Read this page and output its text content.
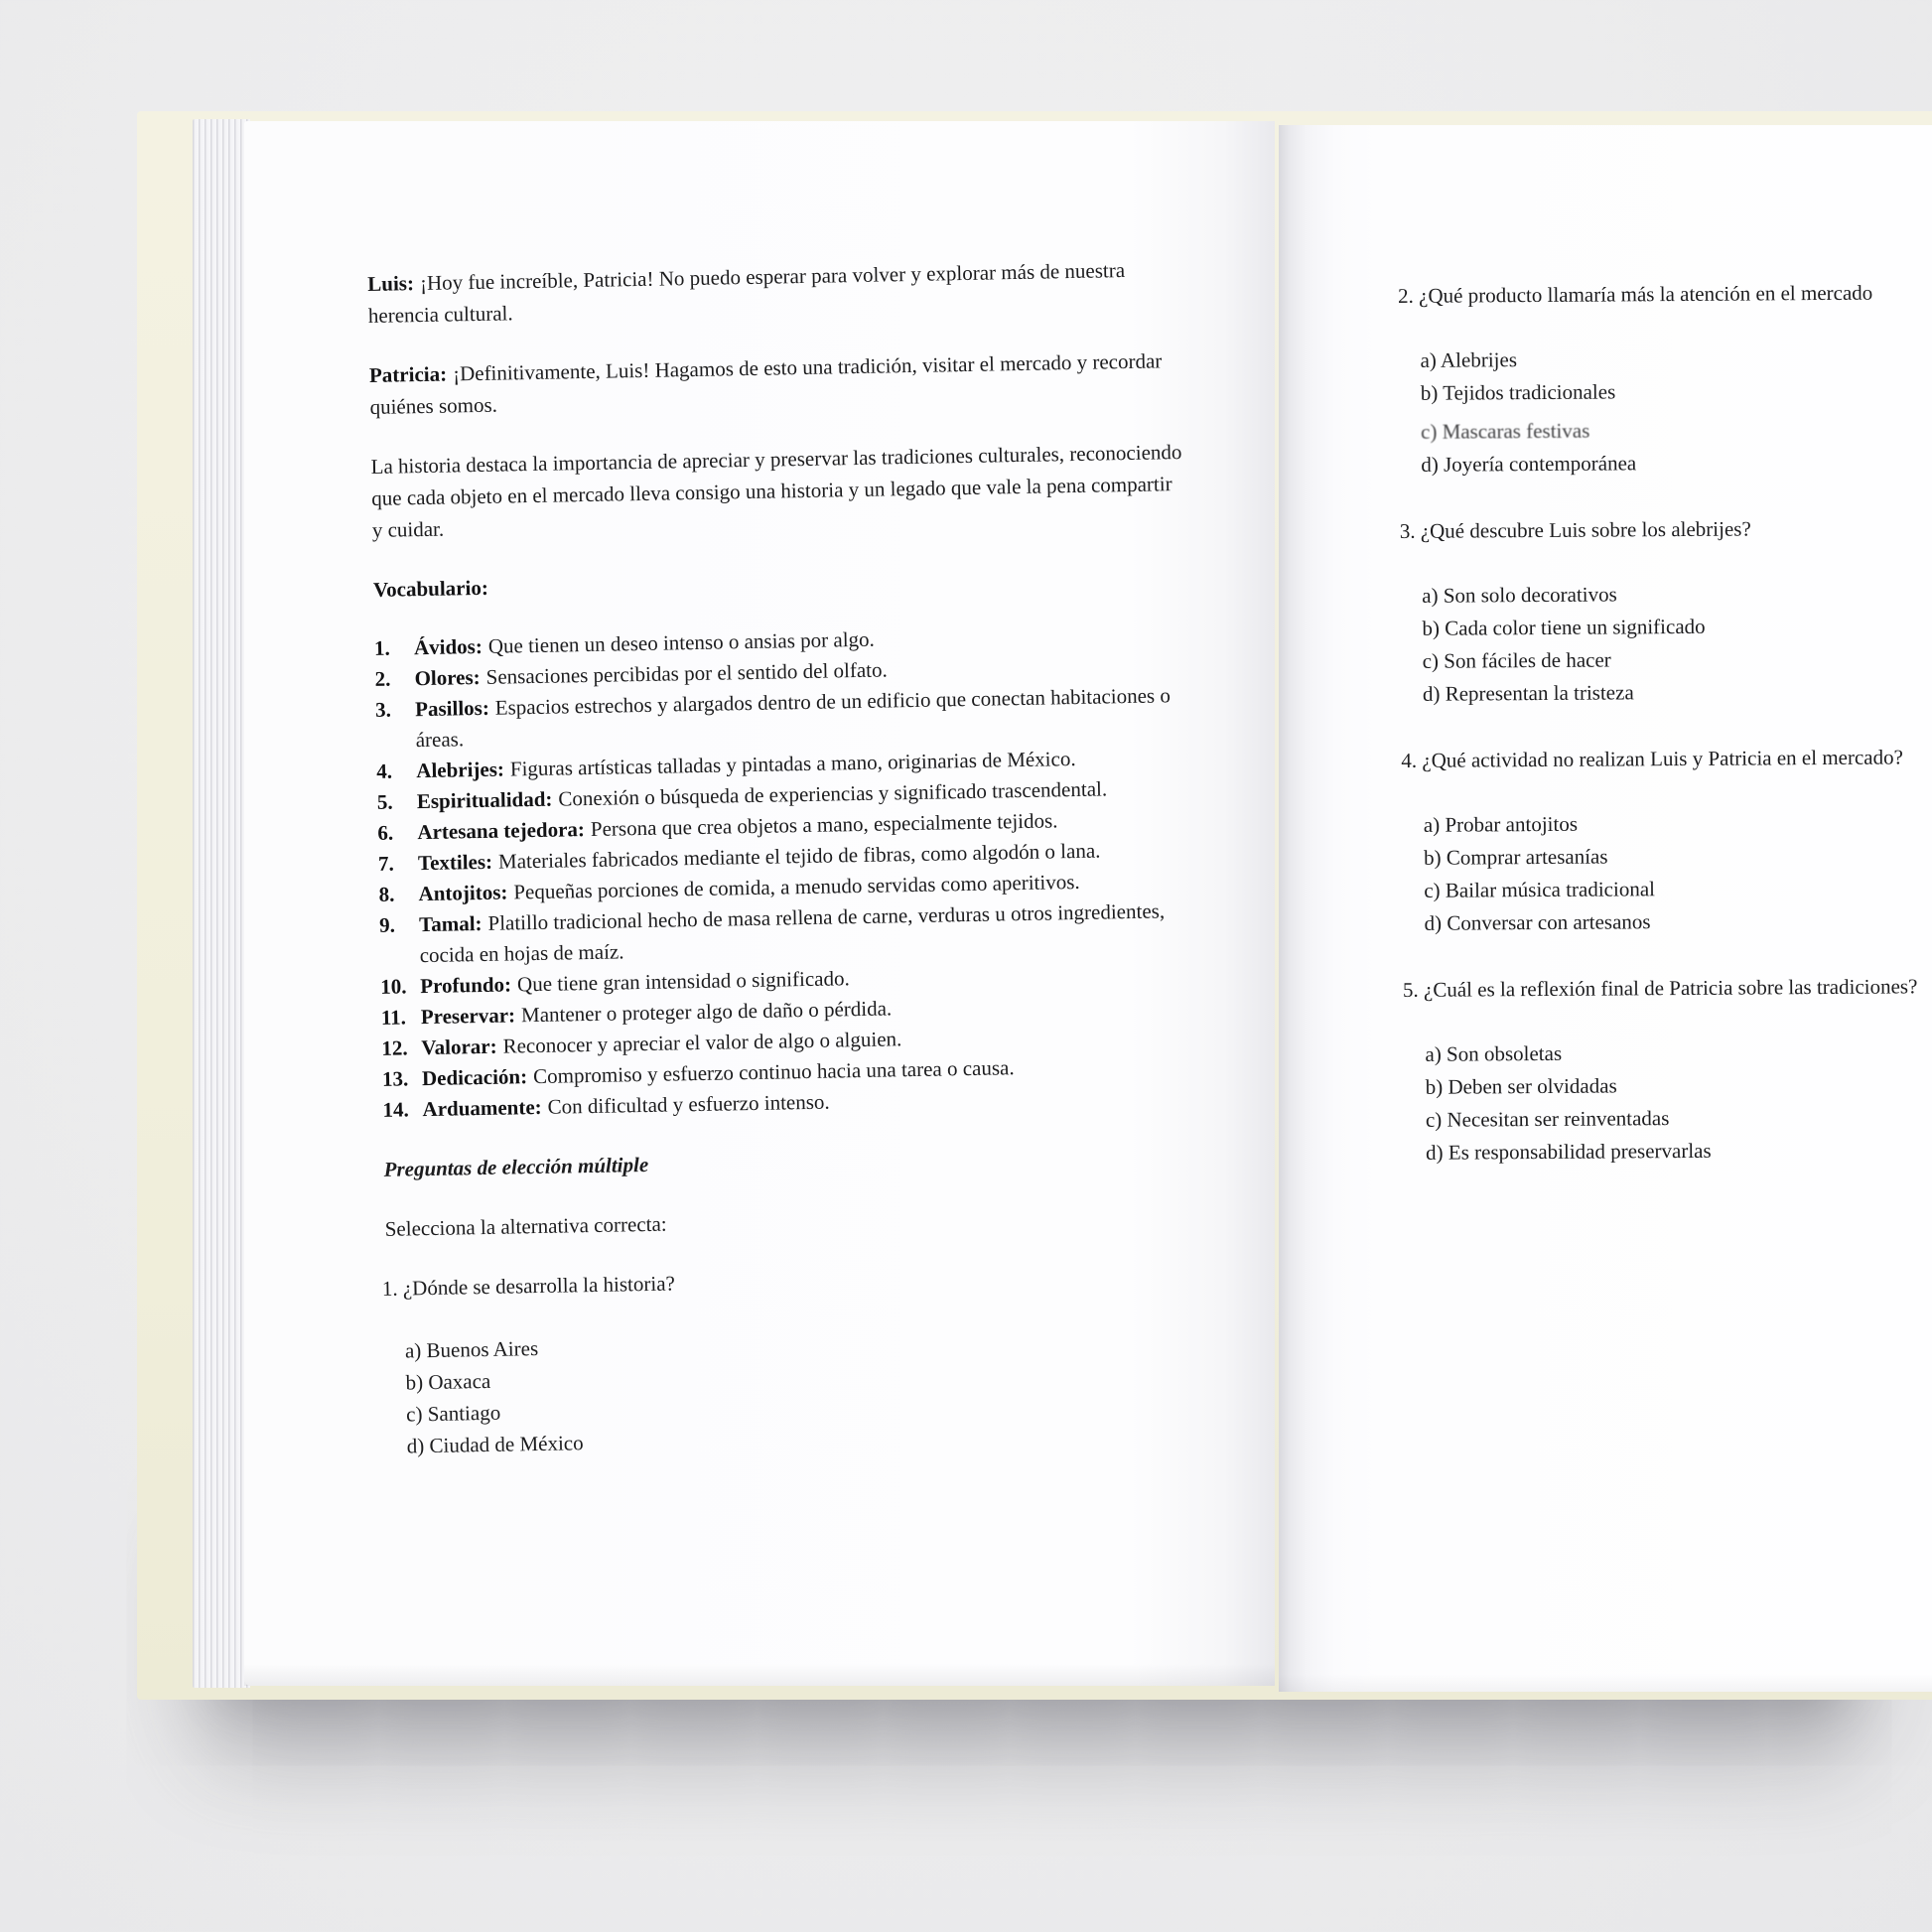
Luis: ¡Hoy fue increíble, Patricia! No puedo esperar para volver y explorar más de nuestra herencia cultural.

Patricia: ¡Definitivamente, Luis! Hagamos de esto una tradición, visitar el mercado y recordar quiénes somos.

La historia destaca la importancia de apreciar y preservar las tradiciones culturales, reconociendo que cada objeto en el mercado lleva consigo una historia y un legado que vale la pena compartir y cuidar.

Vocabulario:

1.	Ávidos: Que tienen un deseo intenso o ansias por algo.
2.	Olores: Sensaciones percibidas por el sentido del olfato.
3.	Pasillos: Espacios estrechos y alargados dentro de un edificio que conectan habitaciones o áreas.
4.	Alebrijes: Figuras artísticas talladas y pintadas a mano, originarias de México.
5.	Espiritualidad: Conexión o búsqueda de experiencias y significado trascendental.
6.	Artesana tejedora: Persona que crea objetos a mano, especialmente tejidos.
7.	Textiles: Materiales fabricados mediante el tejido de fibras, como algodón o lana.
8.	Antojitos: Pequeñas porciones de comida, a menudo servidas como aperitivos.
9.	Tamal: Platillo tradicional hecho de masa rellena de carne, verduras u otros ingredientes, cocida en hojas de maíz.
10. Profundo: Que tiene gran intensidad o significado.
11. Preservar: Mantener o proteger algo de daño o pérdida.
12. Valorar: Reconocer y apreciar el valor de algo o alguien.
13. Dedicación: Compromiso y esfuerzo continuo hacia una tarea o causa.
14. Arduamente: Con dificultad y esfuerzo intenso.

Preguntas de elección múltiple

Selecciona la alternativa correcta:

1. ¿Dónde se desarrolla la historia?

a) Buenos Aires
b) Oaxaca
c) Santiago
d) Ciudad de México

2. ¿Qué producto llamaría más la atención en el mercado

a) Alebrijes
b) Tejidos tradicionales
c) Mascaras festivas
d) Joyería contemporánea

3. ¿Qué descubre Luis sobre los alebrijes?

a) Son solo decorativos
b) Cada color tiene un significado
c) Son fáciles de hacer
d) Representan la tristeza

4. ¿Qué actividad no realizan Luis y Patricia en el mercado?

a) Probar antojitos
b) Comprar artesanías
c) Bailar música tradicional
d) Conversar con artesanos

5. ¿Cuál es la reflexión final de Patricia sobre las tradiciones?

a) Son obsoletas
b) Deben ser olvidadas
c) Necesitan ser reinventadas
d) Es responsabilidad preservarlas
